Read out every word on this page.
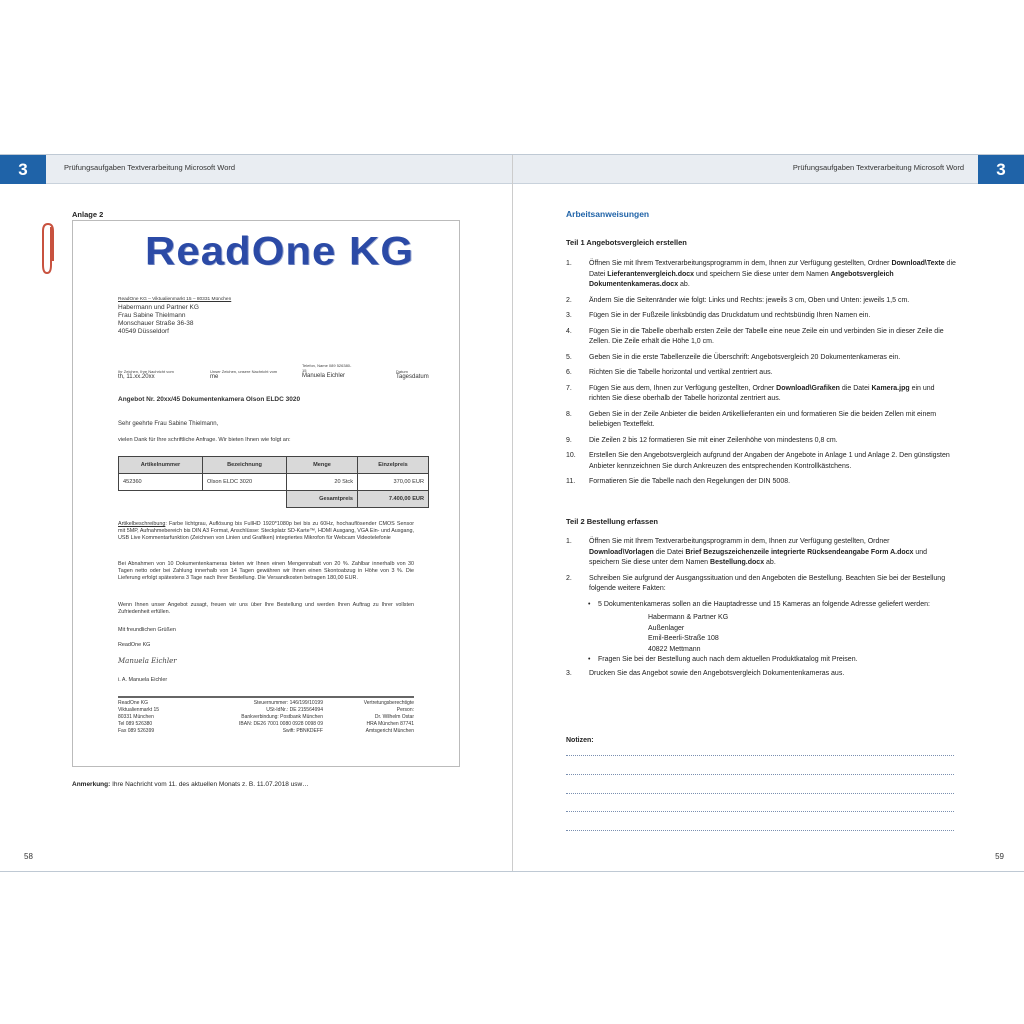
3	Prüfungsaufgaben Textverarbeitung Microsoft Word
Anlage 2
ReadOne KG
ReadOne KG – Viktualienmarkt 15 – 80331 München
Habermann und Partner KG
Frau Sabine Thielmann
Monschauer Straße 36-38
40549 Düsseldorf
Ihr Zeichen, Ihre Nachricht vom
th, 11.xx.20xx
Unser Zeichen, unsere Nachricht vom
me
Telefon, Name 089 526380-15
Manuela Eichler
Datum
Tagesdatum
Angebot Nr. 20xx/45 Dokumentenkamera Olson ELDC 3020
Sehr geehrte Frau Sabine Thielmann,
vielen Dank für Ihre schriftliche Anfrage. Wir bieten Ihnen wie folgt an:
Artikelnummer	Bezeichnung	Menge	Einzelpreis
452360	Olson ELDC 3020	20 Stck	370,00 EUR
		Gesamtpreis	7.400,00 EUR
Artikelbeschreibung: Farbe lichtgrau, Auflösung bis FullHD 1920*1080p bei bis zu 60Hz, hochauflösender CMOS Sensor mit 5MP, Aufnahmebereich bis DIN A3 Format, Anschlüsse: Steckplatz SD-Karte™, HDMI Ausgang, VGA Ein- und Ausgang, USB Live Kommentarfunktion (Zeichnen von Linien und Grafiken) integriertes Mikrofon für Webcam Videotelefonie
Bei Abnahmen von 10 Dokumentenkameras bieten wir Ihnen einen Mengenrabatt von 20 %. Zahlbar innerhalb von 30 Tagen netto oder bei Zahlung innerhalb von 14 Tagen gewähren wir Ihnen einen Skontoabzug in Höhe von 3 %. Die Lieferung erfolgt spätestens 3 Tage nach Ihrer Bestellung. Die Versandkosten betragen 180,00 EUR.
Wenn Ihnen unser Angebot zusagt, freuen wir uns über Ihre Bestellung und werden Ihren Auftrag zu Ihrer vollsten Zufriedenheit erfüllen.
Mit freundlichen Grüßen
ReadOne KG
Manuela Eichler
i. A. Manuela Eichler
ReadOne KG
Viktualienmarkt 15
80331 München
Tel 089 526380
Fax 089 526399
Steuernummer: 146/199/10199
USt-IdNr.: DE 215564994
Bankverbindung: Postbank München
IBAN: DE26 7001 0080 0928 0098 09
Swift: PBNKDEFF
Vertretungsberechtigte
Person:
Dr. Wilhelm Ostar
HRA München 87741
Amtsgericht München
Anmerkung: Ihre Nachricht vom 11. des aktuellen Monats z. B. 11.07.2018 usw…
58
Prüfungsaufgaben Textverarbeitung Microsoft Word	3
Arbeitsanweisungen
Teil 1 Angebotsvergleich erstellen
1. Öffnen Sie mit Ihrem Textverarbeitungsprogramm in dem, Ihnen zur Verfügung gestellten, Ordner Download\Texte die Datei Lieferantenvergleich.docx und speichern Sie diese unter dem Namen Angebotsvergleich Dokumentenkameras.docx ab.
2. Ändern Sie die Seitenränder wie folgt: Links und Rechts: jeweils 3 cm, Oben und Unten: jeweils 1,5 cm.
3. Fügen Sie in der Fußzeile linksbündig das Druckdatum und rechtsbündig Ihren Namen ein.
4. Fügen Sie in die Tabelle oberhalb ersten Zeile der Tabelle eine neue Zeile ein und verbinden Sie in dieser Zeile die Zellen. Die Zeile erhält die Höhe 1,0 cm.
5. Geben Sie in die erste Tabellenzeile die Überschrift: Angebotsvergleich 20 Dokumentenkameras ein.
6. Richten Sie die Tabelle horizontal und vertikal zentriert aus.
7. Fügen Sie aus dem, Ihnen zur Verfügung gestellten, Ordner Download\Grafiken die Datei Kamera.jpg ein und richten Sie diese oberhalb der Tabelle horizontal zentriert aus.
8. Geben Sie in der Zeile Anbieter die beiden Artikellieferanten ein und formatieren Sie die beiden Zellen mit einem beliebigen Texteffekt.
9. Die Zeilen 2 bis 12 formatieren Sie mit einer Zeilenhöhe von mindestens 0,8 cm.
10. Erstellen Sie den Angebotsvergleich aufgrund der Angaben der Angebote in Anlage 1 und Anlage 2. Den günstigsten Anbieter kennzeichnen Sie durch Ankreuzen des entsprechenden Kontrollkästchens.
11. Formatieren Sie die Tabelle nach den Regelungen der DIN 5008.
Teil 2 Bestellung erfassen
1. Öffnen Sie mit Ihrem Textverarbeitungsprogramm in dem, Ihnen zur Verfügung gestellten, Ordner Download\Vorlagen die Datei Brief Bezugszeichenzeile integrierte Rücksendeangabe Form A.docx und speichern Sie diese unter dem Namen Bestellung.docx ab.
2. Schreiben Sie aufgrund der Ausgangssituation und den Angeboten die Bestellung. Beachten Sie bei der Bestellung folgende weitere Fakten:
• 5 Dokumentenkameras sollen an die Hauptadresse und 15 Kameras an folgende Adresse geliefert werden:
Habermann & Partner KG
Außenlager
Emil-Beerli-Straße 108
40822 Mettmann
• Fragen Sie bei der Bestellung auch nach dem aktuellen Produktkatalog mit Preisen.
3. Drucken Sie das Angebot sowie den Angebotsvergleich Dokumentenkameras aus.
Notizen:
59
